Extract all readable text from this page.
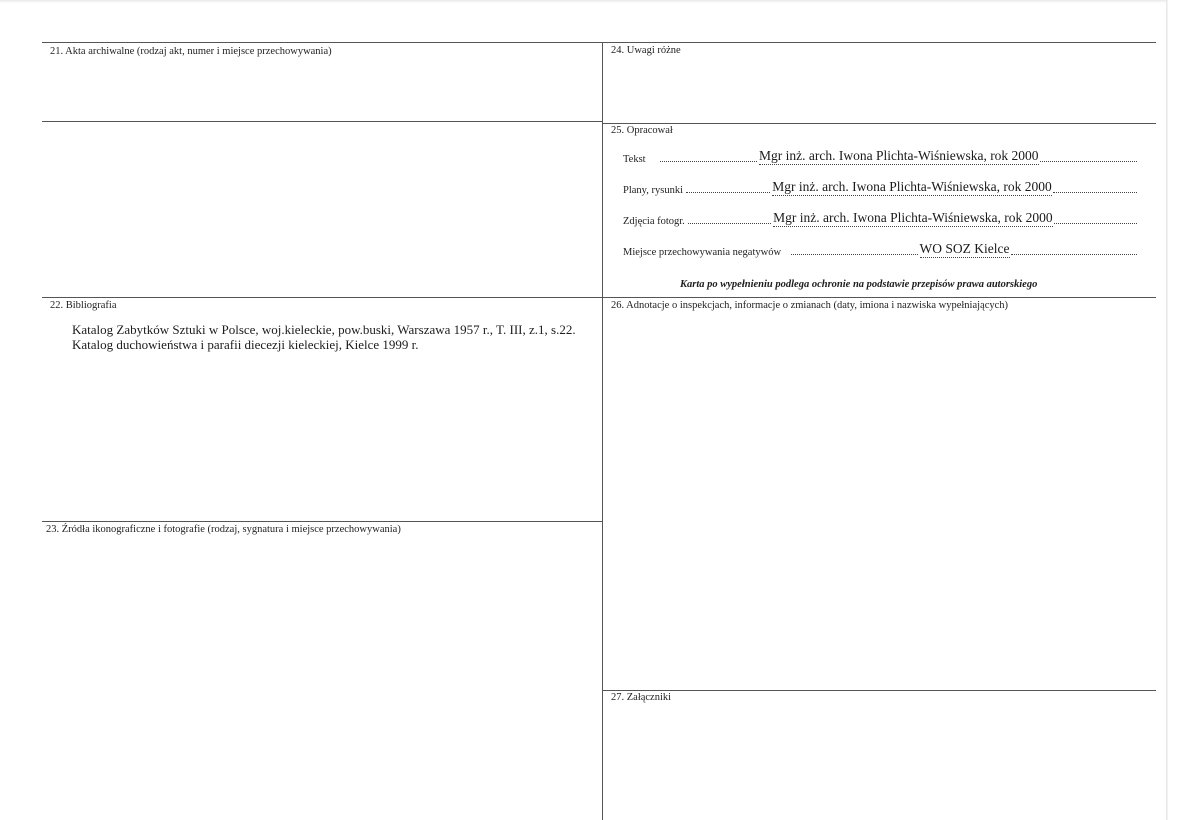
21. Akta archiwalne (rodzaj akt, numer i miejsce przechowywania)
22. Bibliografia
Katalog Zabytków Sztuki w Polsce, woj.kieleckie, pow.buski, Warszawa 1957 r., T. III, z.1, s.22.
Katalog duchowieństwa i parafii diecezji kieleckiej, Kielce 1999 r.
23. Źródła ikonograficzne i fotografie (rodzaj, sygnatura i miejsce przechowywania)
24. Uwagi różne
25. Opracował
Tekst	Mgr inż. arch. Iwona Plichta-Wiśniewska, rok 2000
Plany, rysunki	Mgr inż. arch. Iwona Plichta-Wiśniewska, rok 2000
Zdjęcia fotogr.	Mgr inż. arch. Iwona Plichta-Wiśniewska, rok 2000
Miejsce przechowywania negatywów	WO SOZ Kielce
Karta po wypełnieniu podlega ochronie na podstawie przepisów prawa autorskiego
26. Adnotacje o inspekcjach, informacje o zmianach (daty, imiona i nazwiska wypełniających)
27. Załączniki
